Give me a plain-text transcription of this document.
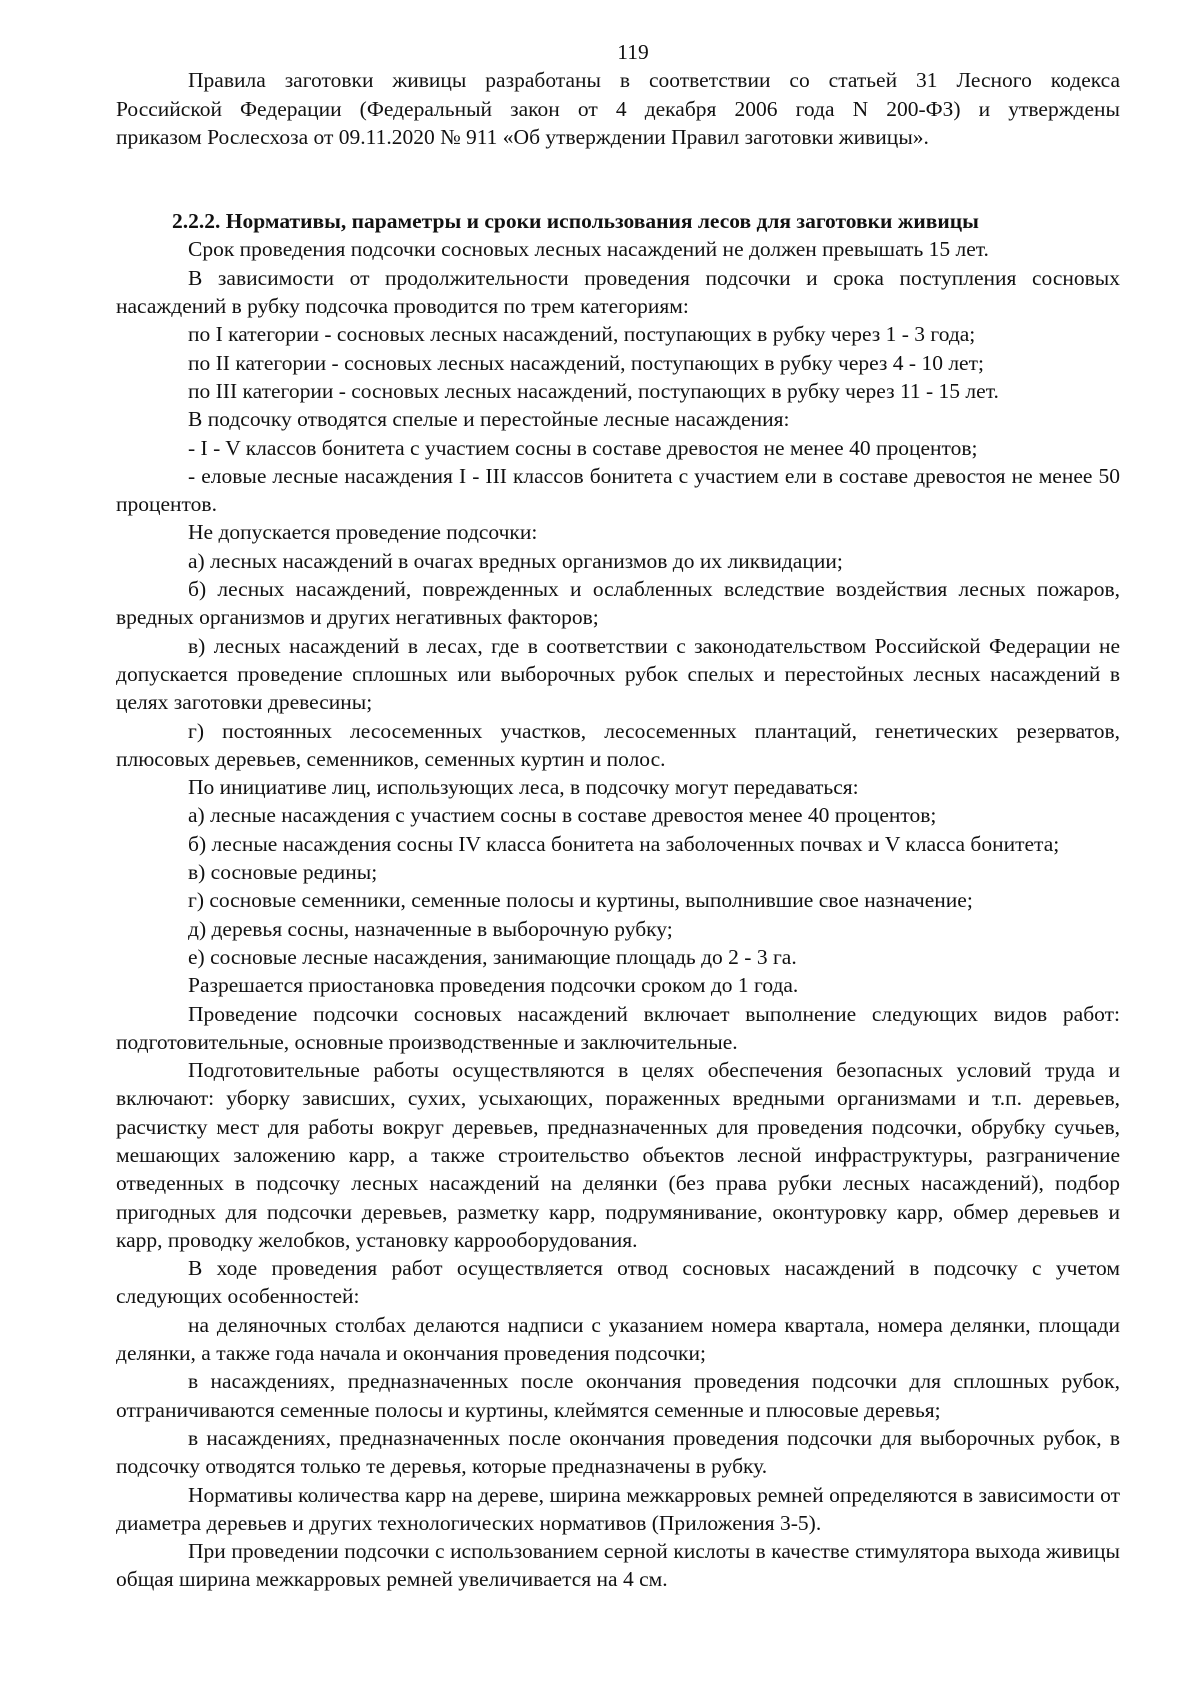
119

Правила заготовки живицы разработаны в соответствии со статьей 31 Лесного кодекса

Российской Федерации (Федеральный закон от 4 декабря 2006 года N 200-ФЗ) и утверждены

приказом Рослесхоза от 09.11.2020 № 911 «Об утверждении Правил заготовки живицы».

2.2.2. Нормативы, параметры и сроки использования лесов для заготовки живицы

Срок проведения подсочки сосновых лесных насаждений не должен превышать 15 лет.

В зависимости от продолжительности проведения подсочки и срока поступления сосновых насаждений в рубку подсочка проводится по трем категориям:

по I категории - сосновых лесных насаждений, поступающих в рубку через 1 - 3 года;

по II категории - сосновых лесных насаждений, поступающих в рубку через 4 - 10 лет;

по III категории - сосновых лесных насаждений, поступающих в рубку через 11 - 15 лет.

В подсочку отводятся спелые и перестойные лесные насаждения:

- I - V классов бонитета с участием сосны в составе древостоя не менее 40 процентов;

- еловые лесные насаждения I - III классов бонитета с участием ели в составе древостоя не менее 50 процентов.

Не допускается проведение подсочки:

а) лесных насаждений в очагах вредных организмов до их ликвидации;

б) лесных насаждений, поврежденных и ослабленных вследствие воздействия лесных пожаров, вредных организмов и других негативных факторов;

в) лесных насаждений в лесах, где в соответствии с законодательством Российской Федерации не допускается проведение сплошных или выборочных рубок спелых и перестойных лесных насаждений в целях заготовки древесины;

г) постоянных лесосеменных участков, лесосеменных плантаций, генетических резерватов, плюсовых деревьев, семенников, семенных куртин и полос.

По инициативе лиц, использующих леса, в подсочку могут передаваться:

а) лесные насаждения с участием сосны в составе древостоя менее 40 процентов;

б) лесные насаждения сосны IV класса бонитета на заболоченных почвах и V класса бонитета;

в) сосновые редины;

г) сосновые семенники, семенные полосы и куртины, выполнившие свое назначение;

д) деревья сосны, назначенные в выборочную рубку;

е) сосновые лесные насаждения, занимающие площадь до 2 - 3 га.

Разрешается приостановка проведения подсочки сроком до 1 года.

Проведение подсочки сосновых насаждений включает выполнение следующих видов работ: подготовительные, основные производственные и заключительные.

Подготовительные работы осуществляются в целях обеспечения безопасных условий труда и включают: уборку зависших, сухих, усыхающих, пораженных вредными организмами и т.п. деревьев, расчистку мест для работы вокруг деревьев, предназначенных для проведения подсочки, обрубку сучьев, мешающих заложению карр, а также строительство объектов лесной инфраструктуры, разграничение отведенных в подсочку лесных насаждений на делянки (без права рубки лесных насаждений), подбор пригодных для подсочки деревьев, разметку карр, подрумянивание, оконтуровку карр, обмер деревьев и карр, проводку желобков, установку каррооборудования.

В ходе проведения работ осуществляется отвод сосновых насаждений в подсочку с учетом следующих особенностей:

на деляночных столбах делаются надписи с указанием номера квартала, номера делянки, площади делянки, а также года начала и окончания проведения подсочки;

в насаждениях, предназначенных после окончания проведения подсочки для сплошных рубок, отграничиваются семенные полосы и куртины, клеймятся семенные и плюсовые деревья;

в насаждениях, предназначенных после окончания проведения подсочки для выборочных рубок, в подсочку отводятся только те деревья, которые предназначены в рубку.

Нормативы количества карр на дереве, ширина межкарровых ремней определяются в зависимости от диаметра деревьев и других технологических нормативов (Приложения 3-5).

При проведении подсочки с использованием серной кислоты в качестве стимулятора выхода живицы общая ширина межкарровых ремней увеличивается на 4 см.
